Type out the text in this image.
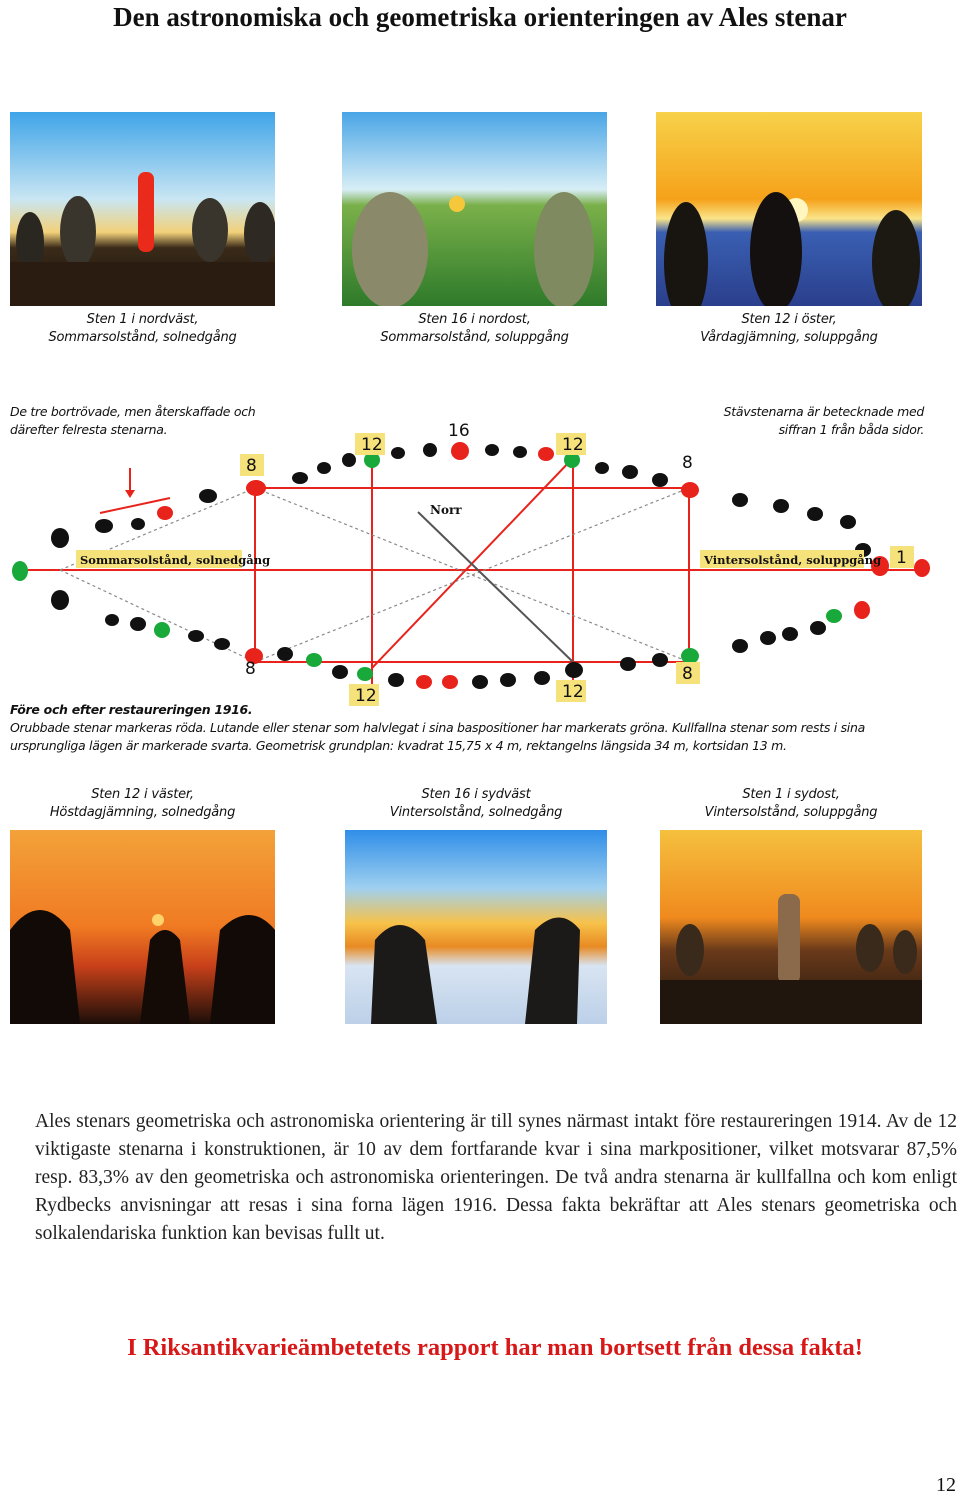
Den astronomiska och geometriska orienteringen av Ales stenar
Sten 1 i nordväst,
Sommarsolstånd, solnedgång
Sten 16 i nordost,
Sommarsolstånd, soluppgång
Sten 12 i öster,
Vårdagjämning, soluppgång
De tre bortrövade, men återskaffade och
därefter felresta stenarna.
Stävstenarna är betecknade med
siffran 1 från båda sidor.
12	12
16
8	8
1
8	8
12	12
Sommarsolstånd, solnedgång	Vintersolstånd, soluppgång
Norr
Före och efter restaureringen 1916.
Orubbade stenar markeras röda. Lutande eller stenar som halvlegat i sina baspositioner har markerats gröna. Kullfallna stenar som rests i sina
ursprungliga lägen är markerade svarta. Geometrisk grundplan: kvadrat 15,75 x 4 m, rektangelns längsida 34 m, kortsidan 13 m.
Sten 12 i väster,
Höstdagjämning, solnedgång
Sten 16 i sydväst
Vintersolstånd, solnedgång
Sten 1 i sydost,
Vintersolstånd, soluppgång
Ales stenars geometriska och astronomiska orientering är till synes närmast intakt före restaureringen 1914. Av de 12 viktigaste stenarna i konstruktionen, är 10 av dem fortfarande kvar i sina markpositioner, vilket motsvarar 87,5% resp. 83,3% av den geometriska och astronomiska orienteringen. De två andra stenarna är kullfallna och kom enligt Rydbecks anvisningar att resas i sina forna lägen 1916. Dessa fakta bekräftar att Ales stenars geometriska och solkalendariska funktion kan bevisas fullt ut.
I Riksantikvarieämbetetets rapport har man bortsett från dessa fakta!
12
